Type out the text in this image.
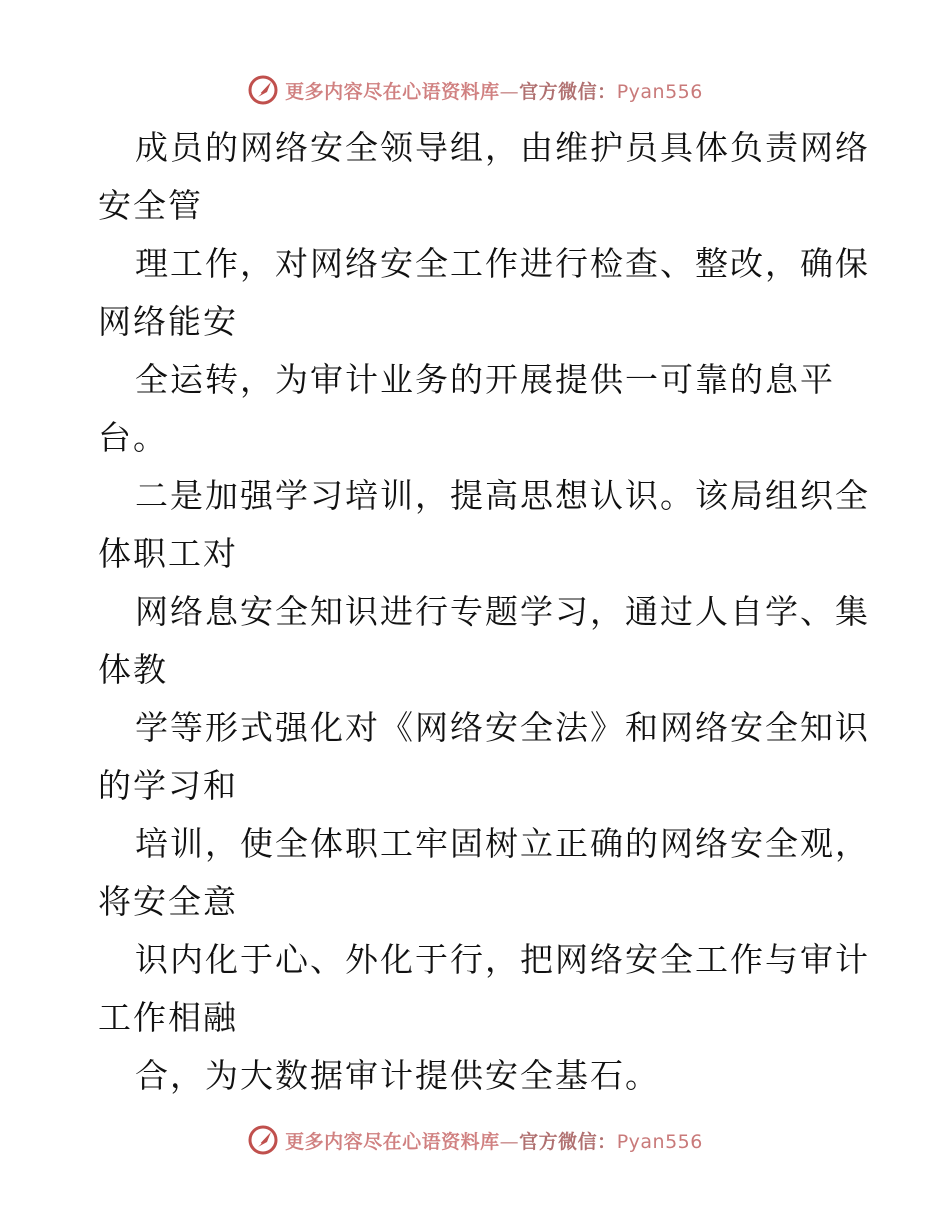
更多内容尽在心语资料库—官方微信：Pyan556
成员的网络安全领导组，由维护员具体负责网络
安全管
理工作，对网络安全工作进行检查、整改，确保
网络能安
全运转，为审计业务的开展提供一可靠的息平
台。
二是加强学习培训，提高思想认识。该局组织全
体职工对
网络息安全知识进行专题学习，通过人自学、集
体教
学等形式强化对《网络安全法》和网络安全知识
的学习和
培训，使全体职工牢固树立正确的网络安全观，
将安全意
识内化于心、外化于行，把网络安全工作与审计
工作相融
合，为大数据审计提供安全基石。
更多内容尽在心语资料库—官方微信：Pyan556
